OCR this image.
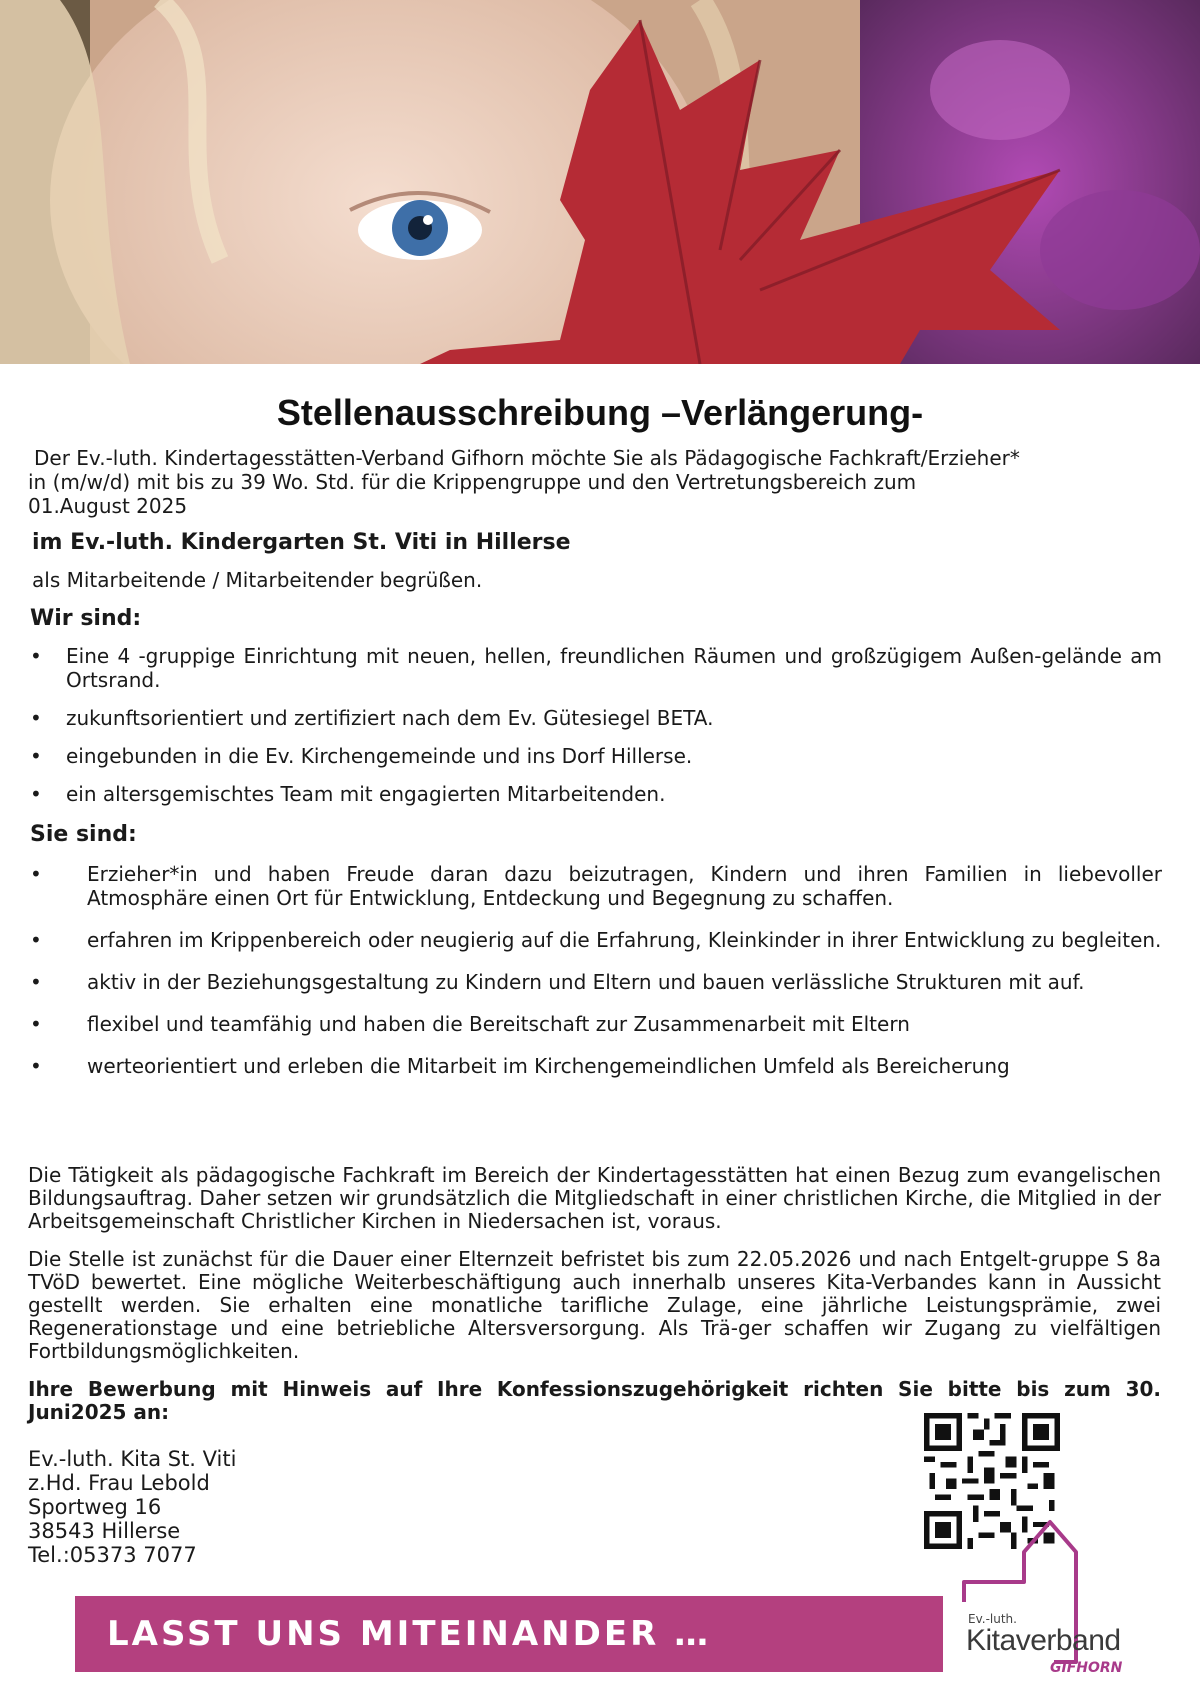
Stellenausschreibung –Verlängerung-
Der Ev.-luth. Kindertagesstätten-Verband Gifhorn möchte Sie als Pädagogische Fachkraft/Erzieher*
in (m/w/d) mit bis zu 39 Wo. Std. für die Krippengruppe und den Vertretungsbereich zum
01.August 2025
im Ev.-luth. Kindergarten St. Viti in Hillerse
als Mitarbeitende / Mitarbeitender begrüßen.
Wir sind:
• Eine 4 -gruppige Einrichtung mit neuen, hellen, freundlichen Räumen und großzügigem Außen-gelände am Ortsrand.
• zukunftsorientiert und zertifiziert nach dem Ev. Gütesiegel BETA.
• eingebunden in die Ev. Kirchengemeinde und ins Dorf Hillerse.
• ein altersgemischtes Team mit engagierten Mitarbeitenden.
Sie sind:
• Erzieher*in und haben Freude daran dazu beizutragen, Kindern und ihren Familien in liebevoller Atmosphäre einen Ort für Entwicklung, Entdeckung und Begegnung zu schaffen.
• erfahren im Krippenbereich oder neugierig auf die Erfahrung, Kleinkinder in ihrer Entwicklung zu begleiten.
• aktiv in der Beziehungsgestaltung zu Kindern und Eltern und bauen verlässliche Strukturen mit auf.
• flexibel und teamfähig und haben die Bereitschaft zur Zusammenarbeit mit Eltern
• werteorientiert und erleben die Mitarbeit im Kirchengemeindlichen Umfeld als Bereicherung
Die Tätigkeit als pädagogische Fachkraft im Bereich der Kindertagesstätten hat einen Bezug zum evangelischen Bildungsauftrag. Daher setzen wir grundsätzlich die Mitgliedschaft in einer christlichen Kirche, die Mitglied in der Arbeitsgemeinschaft Christlicher Kirchen in Niedersachen ist, voraus.
Die Stelle ist zunächst für die Dauer einer Elternzeit befristet bis zum 22.05.2026 und nach Entgelt-gruppe S 8a TVöD bewertet. Eine mögliche Weiterbeschäftigung auch innerhalb unseres Kita-Verbandes kann in Aussicht gestellt werden. Sie erhalten eine monatliche tarifliche Zulage, eine jährliche Leistungsprämie, zwei Regenerationstage und eine betriebliche Altersversorgung. Als Trä-ger schaffen wir Zugang zu vielfältigen Fortbildungsmöglichkeiten.
Ihre Bewerbung mit Hinweis auf Ihre Konfessionszugehörigkeit richten Sie bitte bis zum 30. Juni2025 an:
Ev.-luth. Kita St. Viti
z.Hd. Frau Lebold
Sportweg 16
38543 Hillerse
Tel.:05373 7077
LASST UNS MITEINANDER …	Ev.-luth.
Kitaverband
GIFHORN
